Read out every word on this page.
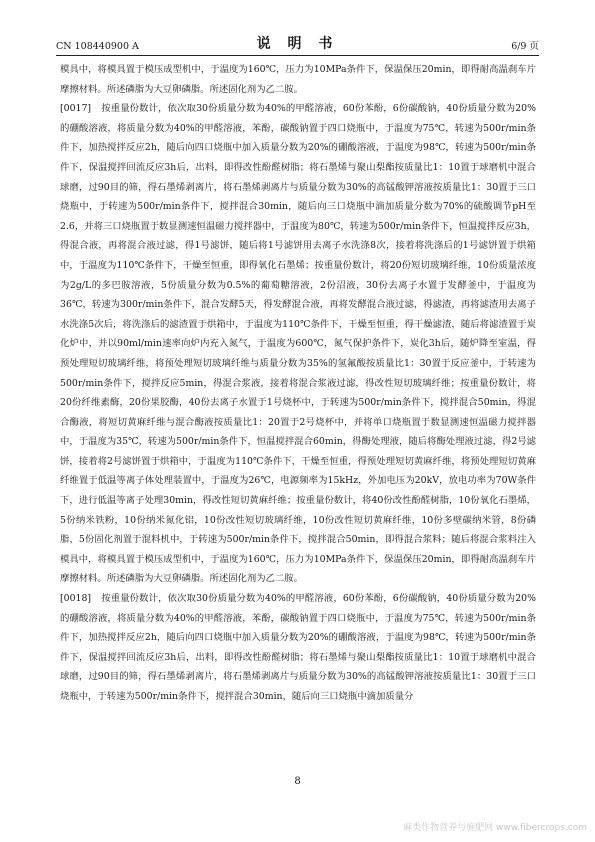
CN 108440900 A	说 明 书	6/9 页

模具中，将模具置于模压成型机中，于温度为160℃，压力为10MPa条件下，保温保压20min，即得耐高温刹车片摩擦材料。所述磷脂为大豆卵磷脂。所述固化剂为乙二胺。

[0017] 按重量份数计，依次取30份质量分数为40%的甲醛溶液，60份苯酚，6份碳酸钠，40份质量分数为20%的硼酸溶液，将质量分数为40%的甲醛溶液，苯酚，碳酸钠置于四口烧瓶中，于温度为75℃，转速为500r/min条件下，加热搅拌反应2h，随后向四口烧瓶中加入质量分数为20%的硼酸溶液，于温度为98℃，转速为500r/min条件下，保温搅拌回流反应3h后，出料，即得改性酚醛树脂；将石墨烯与聚山梨酯按质量比1：10置于球磨机中混合球磨，过90目的筛，得石墨烯剥离片，将石墨烯剥离片与质量分数为30%的高锰酸钾溶液按质量比1：30置于三口烧瓶中，于转速为500r/min条件下，搅拌混合30min，随后向三口烧瓶中滴加质量分数为70%的硫酸调节pH至2.6，并将三口烧瓶置于数显测速恒温磁力搅拌器中，于温度为80℃，转速为500r/min条件下，恒温搅拌反应3h，得混合液，再将混合液过滤，得1号滤饼，随后将1号滤饼用去离子水洗涤8次，接着将洗涤后的1号滤饼置于烘箱中，于温度为110℃条件下，干燥至恒重，即得氧化石墨烯；按重量份数计，将20份短切玻璃纤维，10份质量浓度为2g/L的多巴胺溶液，5份质量分数为0.5%的葡萄糖溶液，2份沼液，30份去离子水置于发酵釜中，于温度为36℃，转速为300r/min条件下，混合发酵5天，得发酵混合液，再将发酵混合液过滤，得滤渣，再将滤渣用去离子水洗涤5次后，将洗涤后的滤渣置于烘箱中，于温度为110℃条件下，干燥至恒重，得干燥滤渣，随后将滤渣置于炭化炉中，并以90ml/min速率向炉内充入氮气，于温度为600℃，氮气保护条件下，炭化3h后，随炉降至室温，得预处理短切玻璃纤维，将预处理短切玻璃纤维与质量分数为35%的氢氟酸按质量比1：30置于反应釜中，于转速为500r/min条件下，搅拌反应5min，得混合浆液，接着将混合浆液过滤，得改性短切玻璃纤维；按重量份数计，将20份纤维素酶，20份果胶酶，40份去离子水置于1号烧杯中，于转速为500r/min条件下，搅拌混合50min，得混合酶液，将短切黄麻纤维与混合酶液按质量比1：20置于2号烧杯中，并将单口烧瓶置于数显测速恒温磁力搅拌器中，于温度为35℃，转速为500r/min条件下，恒温搅拌混合60min，得酶处理液，随后将酶处理液过滤，得2号滤饼，接着将2号滤饼置于烘箱中，于温度为110℃条件下，干燥至恒重，得预处理短切黄麻纤维，将预处理短切黄麻纤维置于低温等离子体处理装置中，于温度为26℃，电源频率为15kHz，外加电压为20kV，放电功率为70W条件下，进行低温等离子处理30min，得改性短切黄麻纤维；按重量份数计，将40份改性酚醛树脂，10份氧化石墨烯，5份纳米铁粉，10份纳米氮化铝，10份改性短切玻璃纤维，10份改性短切黄麻纤维，10份多壁碳纳米管，8份磷脂，5份固化剂置于混料机中，于转速为500r/min条件下，搅拌混合50min，即得混合浆料；随后将混合浆料注入模具中，将模具置于模压成型机中，于温度为160℃，压力为10MPa条件下，保温保压20min，即得耐高温刹车片摩擦材料。所述磷脂为大豆卵磷脂。所述固化剂为乙二胺。

[0018] 按重量份数计，依次取30份质量分数为40%的甲醛溶液，60份苯酚，6份碳酸钠，40份质量分数为20%的硼酸溶液，将质量分数为40%的甲醛溶液，苯酚，碳酸钠置于四口烧瓶中，于温度为75℃，转速为500r/min条件下，加热搅拌反应2h，随后向四口烧瓶中加入质量分数为20%的硼酸溶液，于温度为98℃，转速为500r/min条件下，保温搅拌回流反应3h后，出料，即得改性酚醛树脂；将石墨烯与聚山梨酯按质量比1：10置于球磨机中混合球磨，过90目的筛，得石墨烯剥离片，将石墨烯剥离片与质量分数为30%的高锰酸钾溶液按质量比1：30置于三口烧瓶中，于转速为500r/min条件下，搅拌混合30min，随后向三口烧瓶中滴加质量分

8
麻类作物营养与施肥网 www.fibercrops.com
